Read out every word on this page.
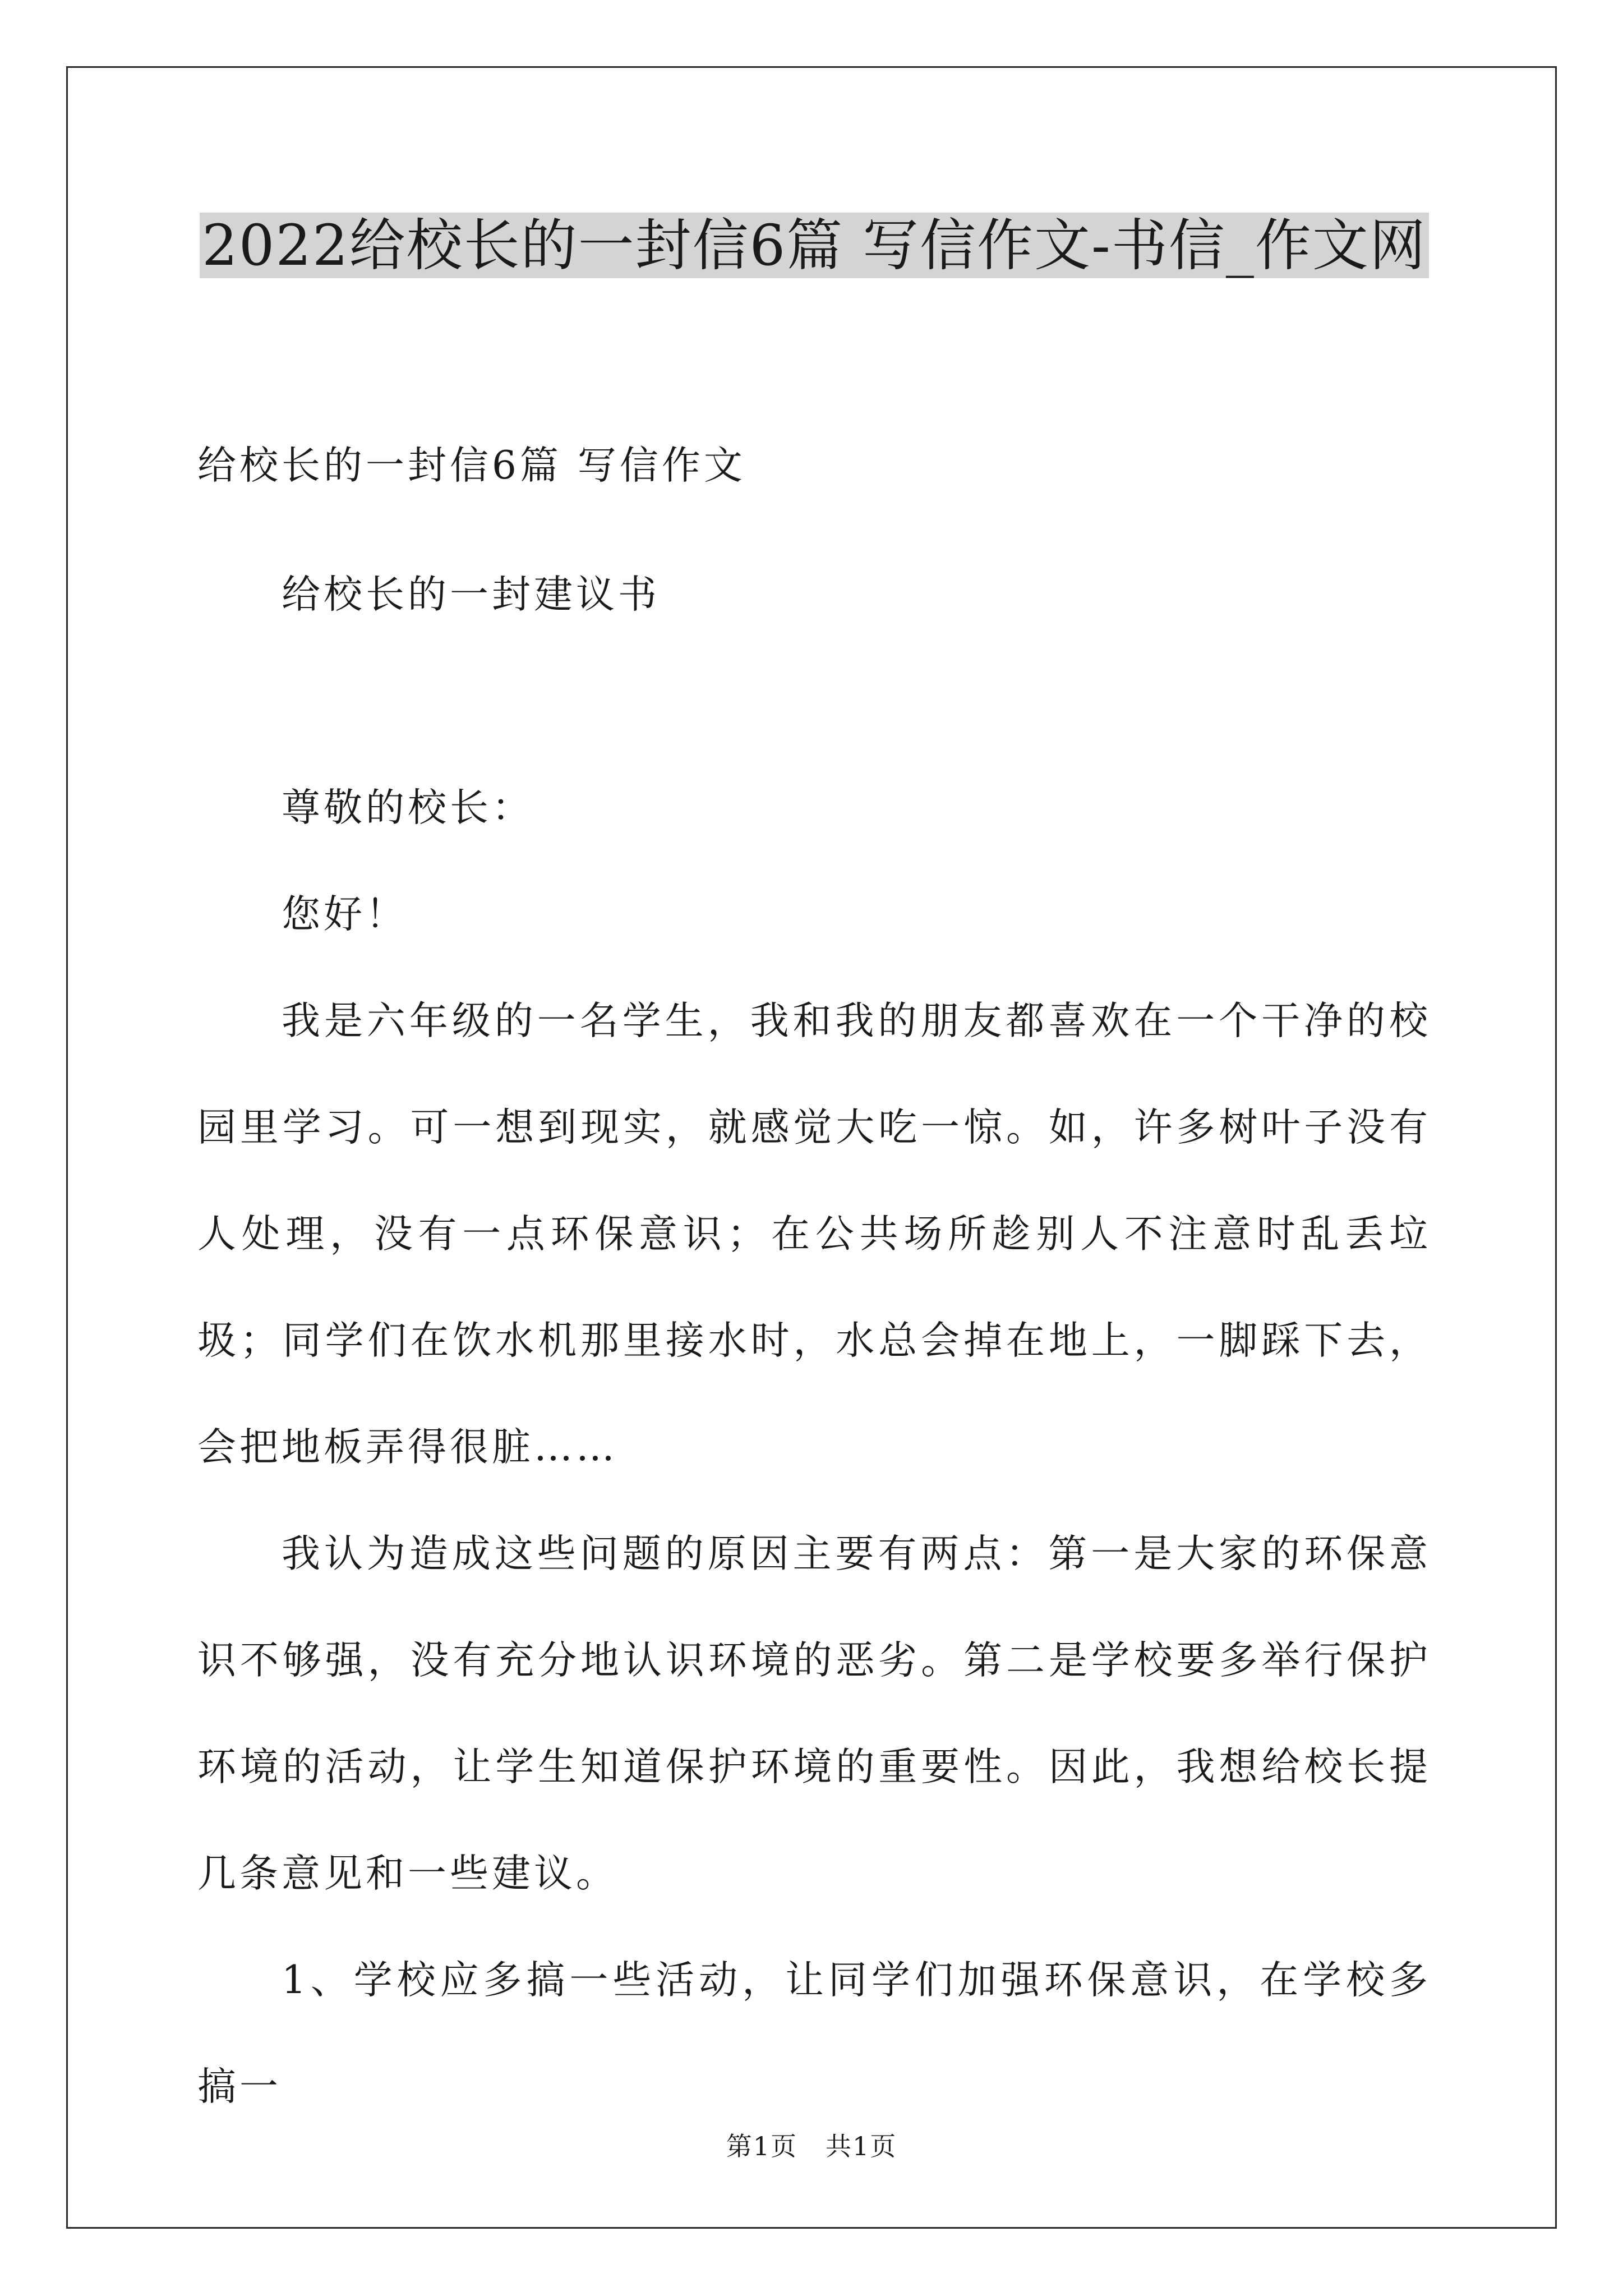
2022给校长的一封信6篇 写信作文-书信_作文网
给校长的一封信6篇 写信作文
给校长的一封建议书
尊敬的校长：
您好！
我是六年级的一名学生，我和我的朋友都喜欢在一个干净的校园里学习。可一想到现实，就感觉大吃一惊。如，许多树叶子没有人处理，没有一点环保意识；在公共场所趁别人不注意时乱丢垃圾；同学们在饮水机那里接水时，水总会掉在地上，一脚踩下去，会把地板弄得很脏……
我认为造成这些问题的原因主要有两点：第一是大家的环保意识不够强，没有充分地认识环境的恶劣。第二是学校要多举行保护环境的活动，让学生知道保护环境的重要性。因此，我想给校长提几条意见和一些建议。
1、学校应多搞一些活动，让同学们加强环保意识，在学校多搞一
第1页 共1页
